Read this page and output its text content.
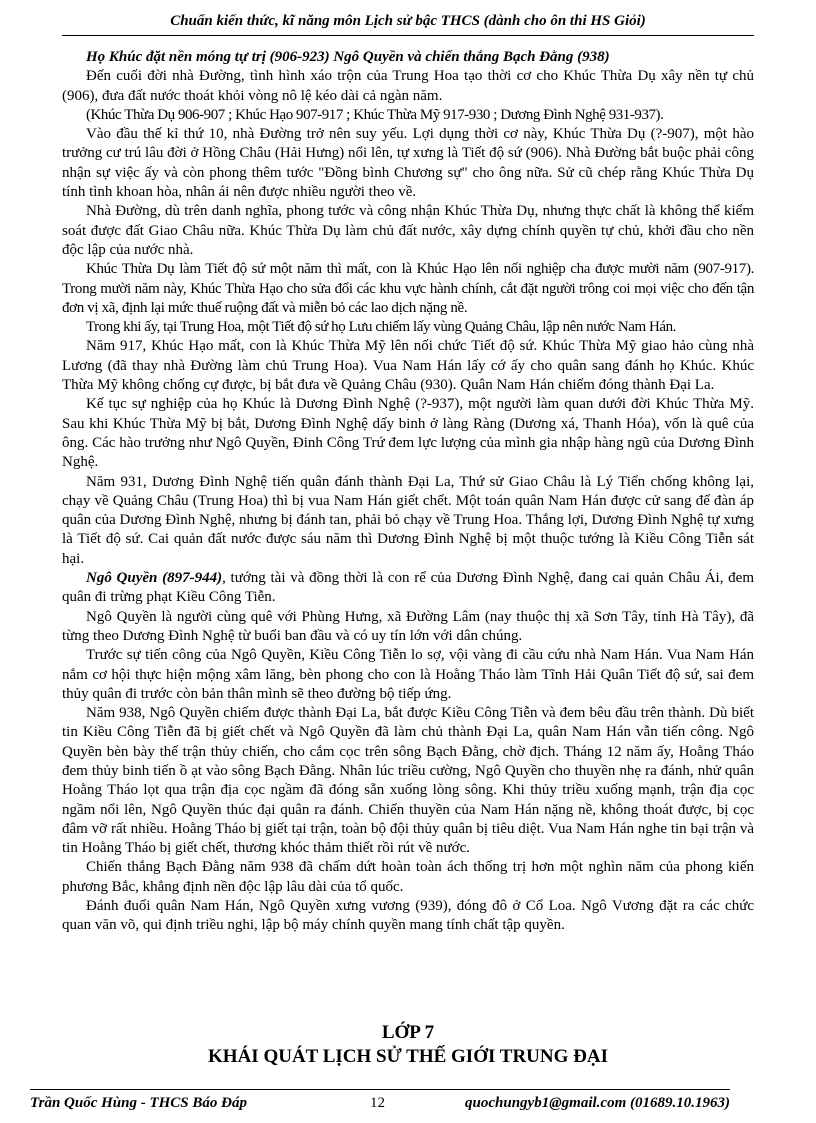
Chuẩn kiến thức, kĩ năng môn Lịch sử bậc THCS (dành cho ôn thi HS Giỏi)

Họ Khúc đặt nền móng tự trị (906-923) Ngô Quyền và chiến thắng Bạch Đằng (938)

Đến cuối đời nhà Đường, tình hình xáo trộn của Trung Hoa tạo thời cơ cho Khúc Thừa Dụ xây nền tự chủ (906), đưa đất nước thoát khỏi vòng nô lệ kéo dài cả ngàn năm.

(Khúc Thừa Dụ 906-907 ; Khúc Hạo 907-917 ; Khúc Thừa Mỹ 917-930 ; Dương Đình Nghệ 931-937).

Vào đầu thế kỉ thứ 10, nhà Đường trở nên suy yếu. Lợi dụng thời cơ này, Khúc Thừa Dụ (?-907), một hào trưởng cư trú lâu đời ở Hồng Châu (Hải Hưng) nổi lên, tự xưng là Tiết độ sứ (906). Nhà Đường bắt buộc phải công nhận sự việc ấy và còn phong thêm tước "Đồng bình Chương sự" cho ông nữa. Sử cũ chép rằng Khúc Thừa Dụ tính tình khoan hòa, nhân ái nên được nhiều người theo về.

Nhà Đường, dù trên danh nghĩa, phong tước và công nhận Khúc Thừa Dụ, nhưng thực chất là không thể kiểm soát được đất Giao Châu nữa. Khúc Thừa Dụ làm chủ đất nước, xây dựng chính quyền tự chủ, khởi đầu cho nền độc lập của nước nhà.

Khúc Thừa Dụ làm Tiết độ sứ một năm thì mất, con là Khúc Hạo lên nối nghiệp cha được mười năm (907-917). Trong mười năm này, Khúc Thừa Hạo cho sửa đổi các khu vực hành chính, cắt đặt người trông coi mọi việc cho đến tận đơn vị xã, định lại mức thuế ruộng đất và miễn bỏ các lao dịch nặng nề.

Trong khi ấy, tại Trung Hoa, một Tiết độ sứ họ Lưu chiếm lấy vùng Quảng Châu, lập nên nước Nam Hán.

Năm 917, Khúc Hạo mất, con là Khúc Thừa Mỹ lên nối chức Tiết độ sứ. Khúc Thừa Mỹ giao hảo cùng nhà Lương (đã thay nhà Đường làm chủ Trung Hoa). Vua Nam Hán lấy cớ ấy cho quân sang đánh họ Khúc. Khúc Thừa Mỹ không chống cự được, bị bắt đưa về Quảng Châu (930). Quân Nam Hán chiếm đóng thành Đại La.

Kế tục sự nghiệp của họ Khúc là Dương Đình Nghệ (?-937), một người làm quan dưới đời Khúc Thừa Mỹ. Sau khi Khúc Thừa Mỹ bị bắt, Dương Đình Nghệ dấy binh ở làng Ràng (Dương xá, Thanh Hóa), vốn là quê của ông. Các hào trưởng như Ngô Quyền, Đinh Công Trứ đem lực lượng của mình gia nhập hàng ngũ của Dương Đình Nghệ.

Năm 931, Dương Đình Nghệ tiến quân đánh thành Đại La, Thứ sử Giao Châu là Lý Tiến chống không lại, chạy về Quảng Châu (Trung Hoa) thì bị vua Nam Hán giết chết. Một toán quân Nam Hán được cử sang để đàn áp quân của Dương Đình Nghệ, nhưng bị đánh tan, phải bỏ chạy về Trung Hoa. Thắng lợi, Dương Đình Nghệ tự xưng là Tiết độ sứ. Cai quản đất nước được sáu năm thì Dương Đình Nghệ bị một thuộc tướng là Kiều Công Tiễn sát hại.

Ngô Quyền (897-944), tướng tài và đồng thời là con rể của Dương Đình Nghệ, đang cai quản Châu Ái, đem quân đi trừng phạt Kiều Công Tiễn.

Ngô Quyền là người cùng quê với Phùng Hưng, xã Đường Lâm (nay thuộc thị xã Sơn Tây, tỉnh Hà Tây), đã từng theo Dương Đình Nghệ từ buổi ban đầu và có uy tín lớn với dân chúng.

Trước sự tiến công của Ngô Quyền, Kiều Công Tiễn lo sợ, vội vàng đi cầu cứu nhà Nam Hán. Vua Nam Hán nắm cơ hội thực hiện mộng xâm lăng, bèn phong cho con là Hoằng Tháo làm Tĩnh Hải Quân Tiết độ sứ, sai đem thủy quân đi trước còn bản thân mình sẽ theo đường bộ tiếp ứng.

Năm 938, Ngô Quyền chiếm được thành Đại La, bắt được Kiều Công Tiễn và đem bêu đầu trên thành. Dù biết tin Kiều Công Tiễn đã bị giết chết và Ngô Quyền đã làm chủ thành Đại La, quân Nam Hán vẫn tiến công. Ngô Quyền bèn bày thế trận thủy chiến, cho cắm cọc trên sông Bạch Đằng, chờ địch. Tháng 12 năm ấy, Hoằng Tháo đem thủy binh tiến ồ ạt vào sông Bạch Đằng. Nhân lúc triều cường, Ngô Quyền cho thuyền nhẹ ra đánh, nhử quân Hoằng Tháo lọt qua trận địa cọc ngầm đã đóng sẵn xuống lòng sông. Khi thủy triều xuống mạnh, trận địa cọc ngầm nổi lên, Ngô Quyền thúc đại quân ra đánh. Chiến thuyền của Nam Hán nặng nề, không thoát được, bị cọc đâm vỡ rất nhiều. Hoằng Tháo bị giết tại trận, toàn bộ đội thủy quân bị tiêu diệt. Vua Nam Hán nghe tin bại trận và tin Hoằng Tháo bị giết chết, thương khóc thảm thiết rồi rút về nước.

Chiến thắng Bạch Đằng năm 938 đã chấm dứt hoàn toàn ách thống trị hơn một nghìn năm của phong kiến phương Bắc, khẳng định nền độc lập lâu dài của tổ quốc.

Đánh đuổi quân Nam Hán, Ngô Quyền xưng vương (939), đóng đô ở Cổ Loa. Ngô Vương đặt ra các chức quan văn võ, qui định triều nghi, lập bộ máy chính quyền mang tính chất tập quyền.

LỚP 7
KHÁI QUÁT LỊCH SỬ THẾ GIỚI TRUNG ĐẠI
Trần Quốc Hùng - THCS Báo Đáp	12	quochungyb1@gmail.com (01689.10.1963)
